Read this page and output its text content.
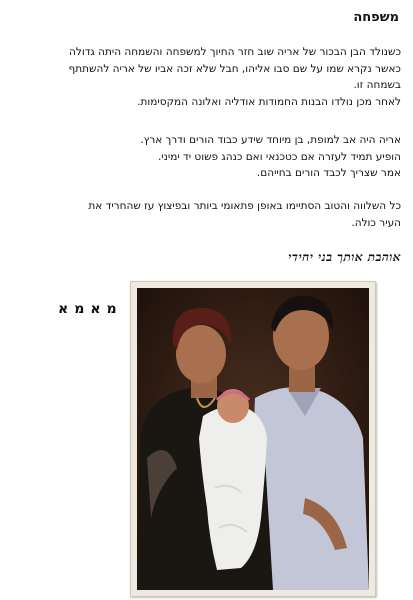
משפחה
כשנולד הבן הבכור של אריה שוב חזר החיוך למשפחה והשמחה היתה גדולה
כאשר נקרא שמו על שם סבו אליהו, חבל שלא זכה אביו של אריה להשתתף
בשמחה זו.
לאחר מכן נולדו הבנות החמודות אודליה ואלונה המקסימות.
אריה היה אב למופת, בן מיוחד שידע כבוד הורים ודרך ארץ.
הופיע תמיד לעזרה אם כטכנאי ואם כנהג פשוט יד ימיני.
אמר שצריך לכבד הורים בחייהם.
כל השלווה והטוב הסתיימו באופן פתאומי ביותר ובפיצוץ עז שהחריד את
העיר כולה.
אוהבת אותך בני יחידי
מאמא
